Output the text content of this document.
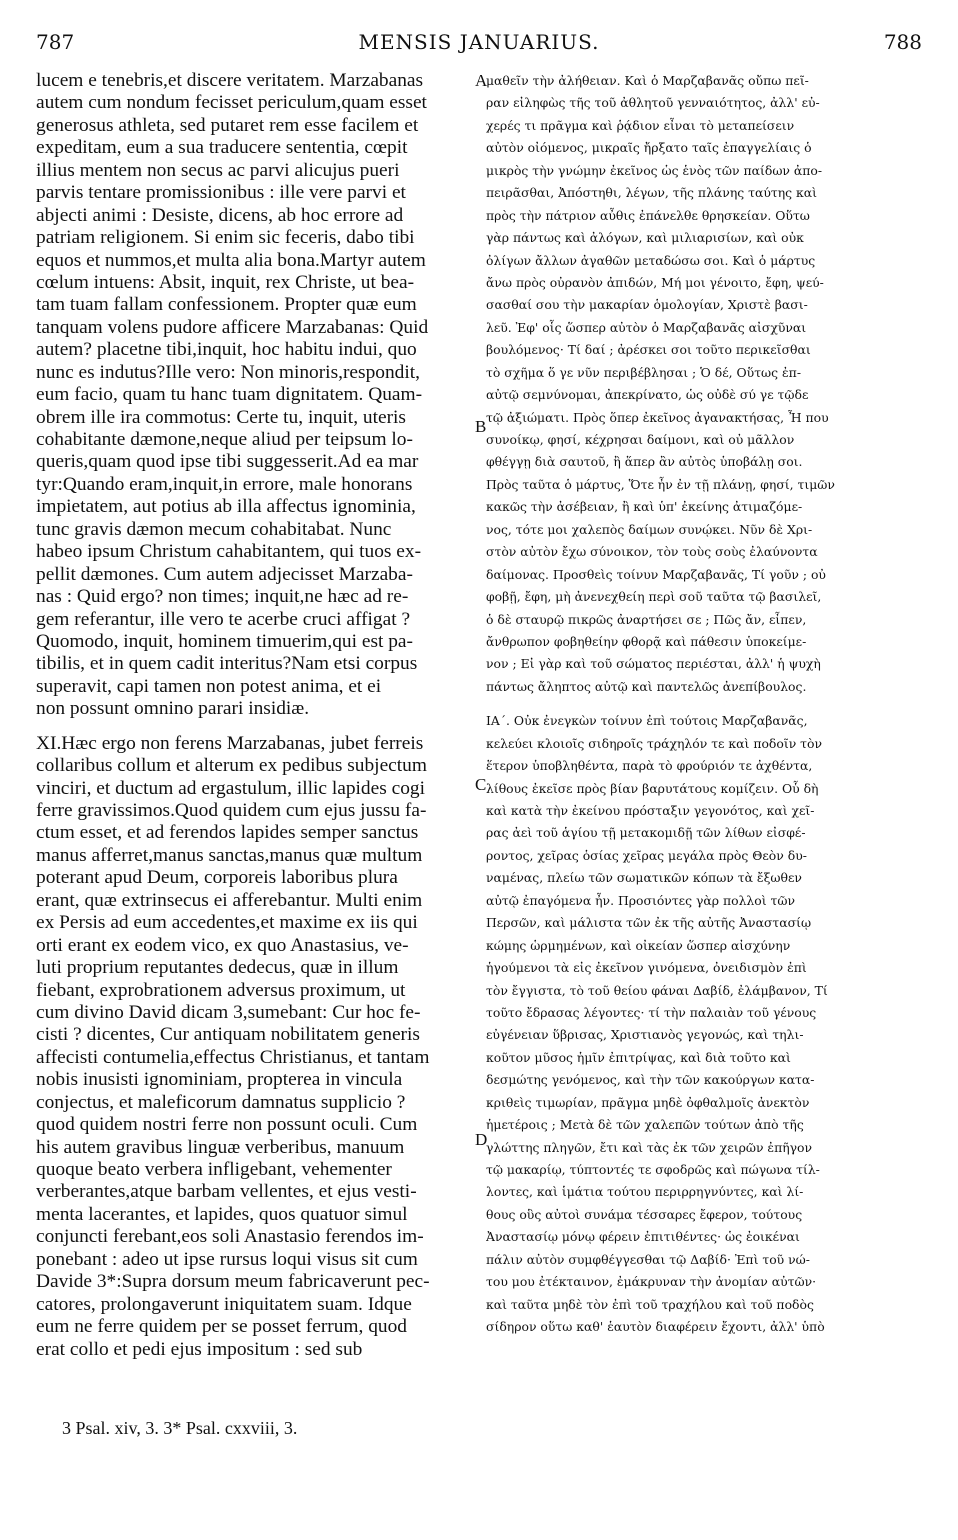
787	MENSIS JANUARIUS.	788
lucem e tenebris,et discere veritatem. Marzabanas
autem cum nondum fecisset periculum,quam esset
generosus athleta, sed putaret rem esse facilem et
expeditam, eum a sua traducere sententia, cœpit
illius mentem non secus ac parvi alicujus pueri
parvis tentare promissionibus : ille vere parvi et
abjecti animi : Desiste, dicens, ab hoc errore ad
patriam religionem. Si enim sic feceris, dabo tibi
equos et nummos,et multa alia bona.Martyr autem
cœlum intuens: Absit, inquit, rex Christe, ut bea-
tam tuam fallam confessionem. Propter quæ eum
tanquam volens pudore afficere Marzabanas: Quid
autem? placetne tibi,inquit, hoc habitu indui, quo
nunc es indutus?Ille vero: Non minoris,respondit,
eum facio, quam tu hanc tuam dignitatem. Quam-
obrem ille ira commotus: Certe tu, inquit, uteris
cohabitante dæmone,neque aliud per teipsum lo-
queris,quam quod ipse tibi suggesserit.Ad ea mar
tyr:Quando eram,inquit,in errore, male honorans
impietatem, aut potius ab illa affectus ignominia,
tunc gravis dæmon mecum cohabitabat. Nunc
habeo ipsum Christum cahabitantem, qui tuos ex-
pellit dæmones. Cum autem adjecisset Marzaba-
nas : Quid ergo? non times; inquit,ne hæc ad re-
gem referantur, ille vero te acerbe cruci affigat ?
Quomodo, inquit, hominem timuerim,qui est pa-
tibilis, et in quem cadit interitus?Nam etsi corpus
superavit, capi tamen non potest anima, et ei
non possunt omnino parari insidiæ.
XI.Hæc ergo non ferens Marzabanas, jubet ferreis
collaribus collum et alterum ex pedibus subjectum
vinciri, et ductum ad ergastulum, illic lapides cogi
ferre gravissimos.Quod quidem cum ejus jussu fa-
ctum esset, et ad ferendos lapides semper sanctus
manus afferret,manus sanctas,manus quæ multum
poterant apud Deum, corporeis laboribus plura
erant, quæ extrinsecus ei afferebantur. Multi enim
ex Persis ad eum accedentes,et maxime ex iis qui
orti erant ex eodem vico, ex quo Anastasius, ve-
luti proprium reputantes dedecus, quæ in illum
fiebant, exprobrationem adversus proximum, ut
cum divino David dicam 3,sumebant: Cur hoc fe-
cisti ? dicentes, Cur antiquam nobilitatem generis
affecisti contumelia,effectus Christianus, et tantam
nobis inusisti ignominiam, propterea in vincula
conjectus, et maleficorum damnatus supplicio ?
quod quidem nostri ferre non possunt oculi. Cum
his autem gravibus linguæ verberibus, manuum
quoque beato verbera infligebant, vehementer
verberantes,atque barbam vellentes, et ejus vesti-
menta lacerantes, et lapides, quos quatuor simul
conjuncti ferebant,eos soli Anastasio ferendos im-
ponebant : adeo ut ipse rursus loqui visus sit cum
Davide 3*:Supra dorsum meum fabricaverunt pec-
catores, prolongaverunt iniquitatem suam. Idque
eum ne ferre quidem per se posset ferrum, quod
erat collo et pedi ejus impositum : sed sub
μαθεῖν τὴν ἀλήθειαν. Καὶ ὁ Μαρζαβανᾶς οὔπω πεῖ-
ραν εἰληφὼς τῆς τοῦ ἀθλητοῦ γενναιότητος, ἀλλ' εὐ-
χερές τι πρᾶγμα καὶ ῥᾴδιον εἶναι τὸ μεταπείσειν
αὐτὸν οἰόμενος, μικραῖς ἤρξατο ταῖς ἐπαγγελίαις ὁ
μικρὸς τὴν γνώμην ἐκεῖνος ὡς ἑνὸς τῶν παίδων ἀπο-
πειρᾶσθαι, Ἀπόστηθι, λέγων, τῆς πλάνης ταύτης καὶ
πρὸς τὴν πάτριον αὖθις ἐπάνελθε θρησκείαν. Οὕτω
γὰρ πάντως καὶ ἀλόγων, καὶ μιλιαρισίων, καὶ οὐκ
ὀλίγων ἄλλων ἀγαθῶν μεταδώσω σοι. Καὶ ὁ μάρτυς
ἄνω πρὸς οὐρανὸν ἀπιδών, Μή μοι γένοιτο, ἔφη, ψεύ-
σασθαί σου τὴν μακαρίαν ὁμολογίαν, Χριστὲ βασι-
λεῦ. Ἐφ' οἷς ὥσπερ αὐτὸν ὁ Μαρζαβανᾶς αἰσχῦναι
βουλόμενος· Τί δαί ; ἀρέσκει σοι τοῦτο περικεῖσθαι
τὸ σχῆμα ὅ γε νῦν περιβέβλησαι ; Ὁ δέ, Οὕτως ἐπ-
αὐτῷ σεμνύνομαι, ἀπεκρίνατο, ὡς οὐδὲ σύ γε τῷδε
τῷ ἀξιώματι. Πρὸς ὅπερ ἐκεῖνος ἀγανακτήσας, Ἦ που
συνοίκῳ, φησί, κέχρησαι δαίμονι, καὶ οὐ μᾶλλον
φθέγγῃ διὰ σαυτοῦ, ἢ ἅπερ ἂν αὐτὸς ὑποβάλῃ σοι.
Πρὸς ταῦτα ὁ μάρτυς, Ὅτε ἦν ἐν τῇ πλάνῃ, φησί, τιμῶν
κακῶς τὴν ἀσέβειαν, ἢ καὶ ὑπ' ἐκείνης ἀτιμαζόμε-
νος, τότε μοι χαλεπὸς δαίμων συνῴκει. Νῦν δὲ Χρι-
στὸν αὐτὸν ἔχω σύνοικον, τὸν τοὺς σοὺς ἐλαύνοντα
δαίμονας. Προσθεὶς τοίνυν Μαρζαβανᾶς, Τί γοῦν ; οὐ
φοβῇ, ἔφη, μὴ ἀνενεχθείη περὶ σοῦ ταῦτα τῷ βασιλεῖ,
ὁ δὲ σταυρῷ πικρῶς ἀναρτήσει σε ; Πῶς ἄν, εἶπεν,
ἄνθρωπον φοβηθείην φθορᾷ καὶ πάθεσιν ὑποκείμε-
νον ; Εἰ γὰρ καὶ τοῦ σώματος περιέσται, ἀλλ' ἡ ψυχὴ
πάντως ἄληπτος αὐτῷ καὶ παντελῶς ἀνεπίβουλος.
ΙΑ΄. Οὐκ ἐνεγκὼν τοίνυν ἐπὶ τούτοις Μαρζαβανᾶς,
κελεύει κλοιοῖς σιδηροῖς τράχηλόν τε καὶ ποδοῖν τὸν
ἕτερον ὑποβληθέντα, παρὰ τὸ φρούριόν τε ἀχθέντα,
λίθους ἐκεῖσε πρὸς βίαν βαρυτάτους κομίζειν. Οὗ δὴ
καὶ κατὰ τὴν ἐκείνου πρόσταξιν γεγονότος, καὶ χεῖ-
ρας ἀεὶ τοῦ ἁγίου τῇ μετακομιδῇ τῶν λίθων εἰσφέ-
ροντος, χεῖρας ὁσίας χεῖρας μεγάλα πρὸς Θεὸν δυ-
ναμένας, πλείω τῶν σωματικῶν κόπων τὰ ἔξωθεν
αὐτῷ ἐπαγόμενα ἦν. Προσιόντες γὰρ πολλοὶ τῶν
Περσῶν, καὶ μάλιστα τῶν ἐκ τῆς αὐτῆς Ἀναστασίῳ
κώμης ὡρμημένων, καὶ οἰκείαν ὥσπερ αἰσχύνην
ἡγούμενοι τὰ εἰς ἐκεῖνον γινόμενα, ὀνειδισμὸν ἐπὶ
τὸν ἔγγιστα, τὸ τοῦ θείου φάναι Δαβίδ, ἐλάμβανον, Τί
τοῦτο ἔδρασας λέγοντες· τί τὴν παλαιὰν τοῦ γένους
εὐγένειαν ὕβρισας, Χριστιανὸς γεγονώς, καὶ τηλι-
κοῦτον μῦσος ἡμῖν ἐπιτρίψας, καὶ διὰ τοῦτο καὶ
δεσμώτης γενόμενος, καὶ τὴν τῶν κακούργων κατα-
κριθεὶς τιμωρίαν, πρᾶγμα μηδὲ ὀφθαλμοῖς ἀνεκτὸν
ἡμετέροις ; Μετὰ δὲ τῶν χαλεπῶν τούτων ἀπὸ τῆς
γλώττης πληγῶν, ἔτι καὶ τὰς ἐκ τῶν χειρῶν ἐπῆγον
τῷ μακαρίῳ, τύπτοντές τε σφοδρῶς καὶ πώγωνα τίλ-
λοντες, καὶ ἱμάτια τούτου περιρρηγνύντες, καὶ λί-
θους οὓς αὐτοὶ συνάμα τέσσαρες ἔφερον, τούτους
Ἀναστασίῳ μόνῳ φέρειν ἐπιτιθέντες· ὡς ἐοικέναι
πάλιν αὐτὸν συμφθέγγεσθαι τῷ Δαβίδ· Ἐπὶ τοῦ νώ-
του μου ἐτέκταινον, ἐμάκρυναν τὴν ἀνομίαν αὐτῶν·
καὶ ταῦτα μηδὲ τὸν ἐπὶ τοῦ τραχήλου καὶ τοῦ ποδὸς
σίδηρον οὕτω καθ' ἑαυτὸν διαφέρειν ἔχοντι, ἀλλ' ὑπὸ
A
B
C
D
3 Psal. xiv, 3. 3* Psal. cxxviii, 3.
